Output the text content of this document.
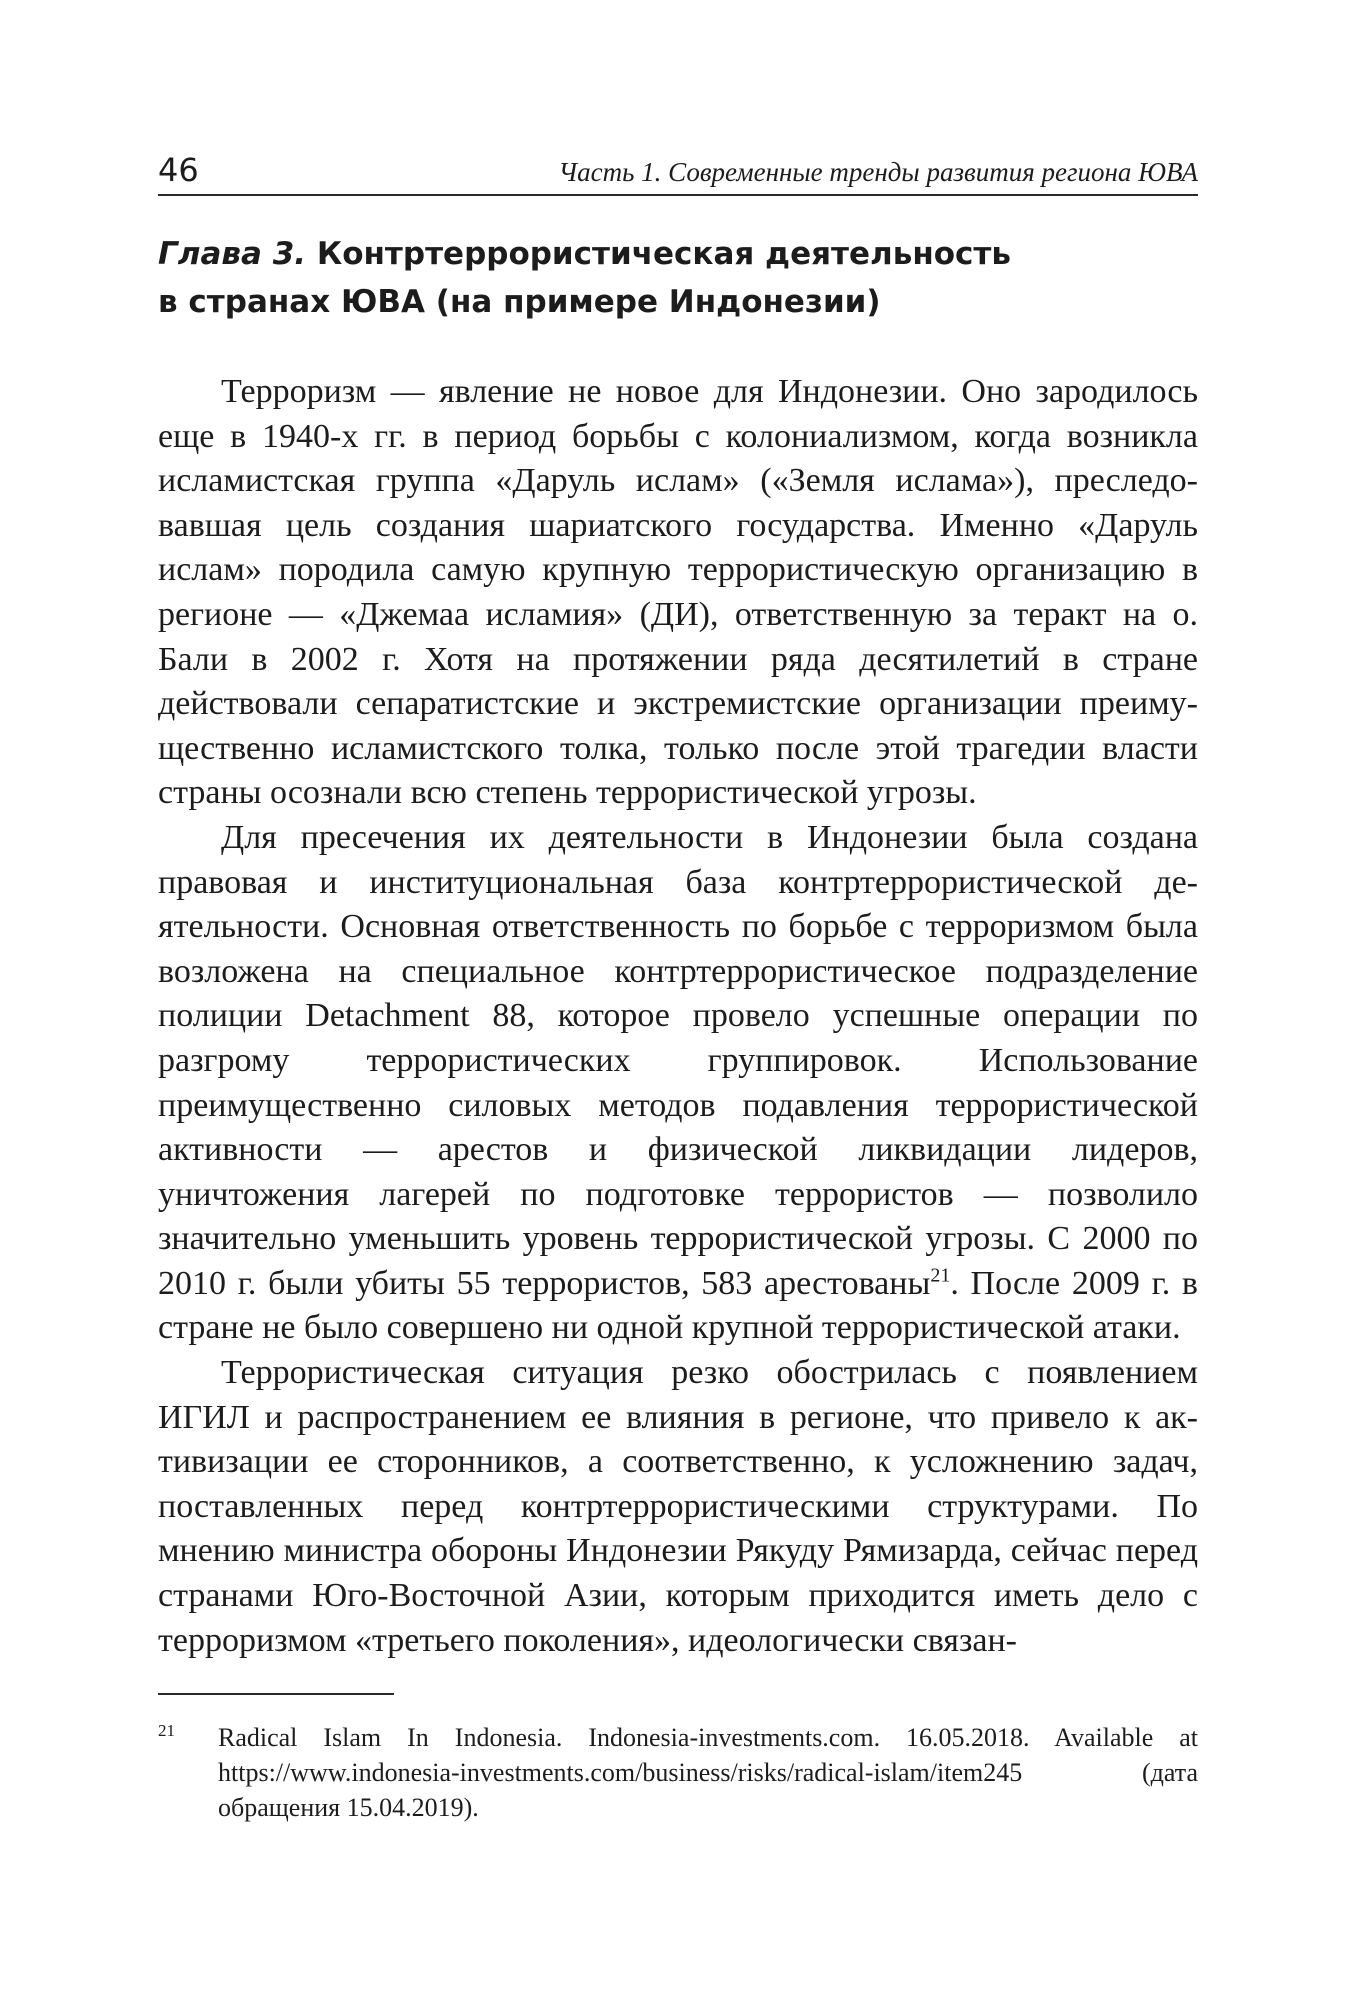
46	Часть 1. Современные тренды развития региона ЮВА
Глава 3. Контртеррористическая деятельность
в странах ЮВА (на примере Индонезии)

Терроризм — явление не новое для Индонезии. Оно зародилось еще в 1940-х гг. в период борьбы с колониализмом, когда возникла исламистская группа «Даруль ислам» («Земля ислама»), преследовавшая цель создания шариатского государства. Именно «Даруль ислам» породила самую крупную террористическую организацию в регионе — «Джемаа исламия» (ДИ), ответственную за теракт на о. Бали в 2002 г. Хотя на протяжении ряда десятилетий в стране действовали сепаратистские и экстремистские организации преимущественно исламистского толка, только после этой трагедии власти страны осознали всю степень террористической угрозы.

Для пресечения их деятельности в Индонезии была создана правовая и институциональная база контртеррористической деятельности. Основная ответственность по борьбе с терроризмом была возложена на специальное контртеррористическое подразделение полиции Detachment 88, которое провело успешные операции по разгрому террористических группировок. Использование преимущественно силовых методов подавления террористической активности — арестов и физической ликвидации лидеров, уничтожения лагерей по подготовке террористов — позволило значительно уменьшить уровень террористической угрозы. С 2000 по 2010 г. были убиты 55 террористов, 583 арестованы$^{21}$. После 2009 г. в стране не было совершено ни одной крупной террористической атаки.

Террористическая ситуация резко обострилась с появлением ИГИЛ и распространением ее влияния в регионе, что привело к активизации ее сторонников, а соответственно, к усложнению задач, поставленных перед контртеррористическими структурами. По мнению министра обороны Индонезии Рякуду Рямизарда, сейчас перед странами Юго-Восточной Азии, которым приходится иметь дело с терроризмом «третьего поколения», идеологически связан-

21 Radical Islam In Indonesia. Indonesia-investments.com. 16.05.2018. Available at https://www.indonesia-investments.com/business/risks/radical-islam/item245 (дата обращения 15.04.2019).
